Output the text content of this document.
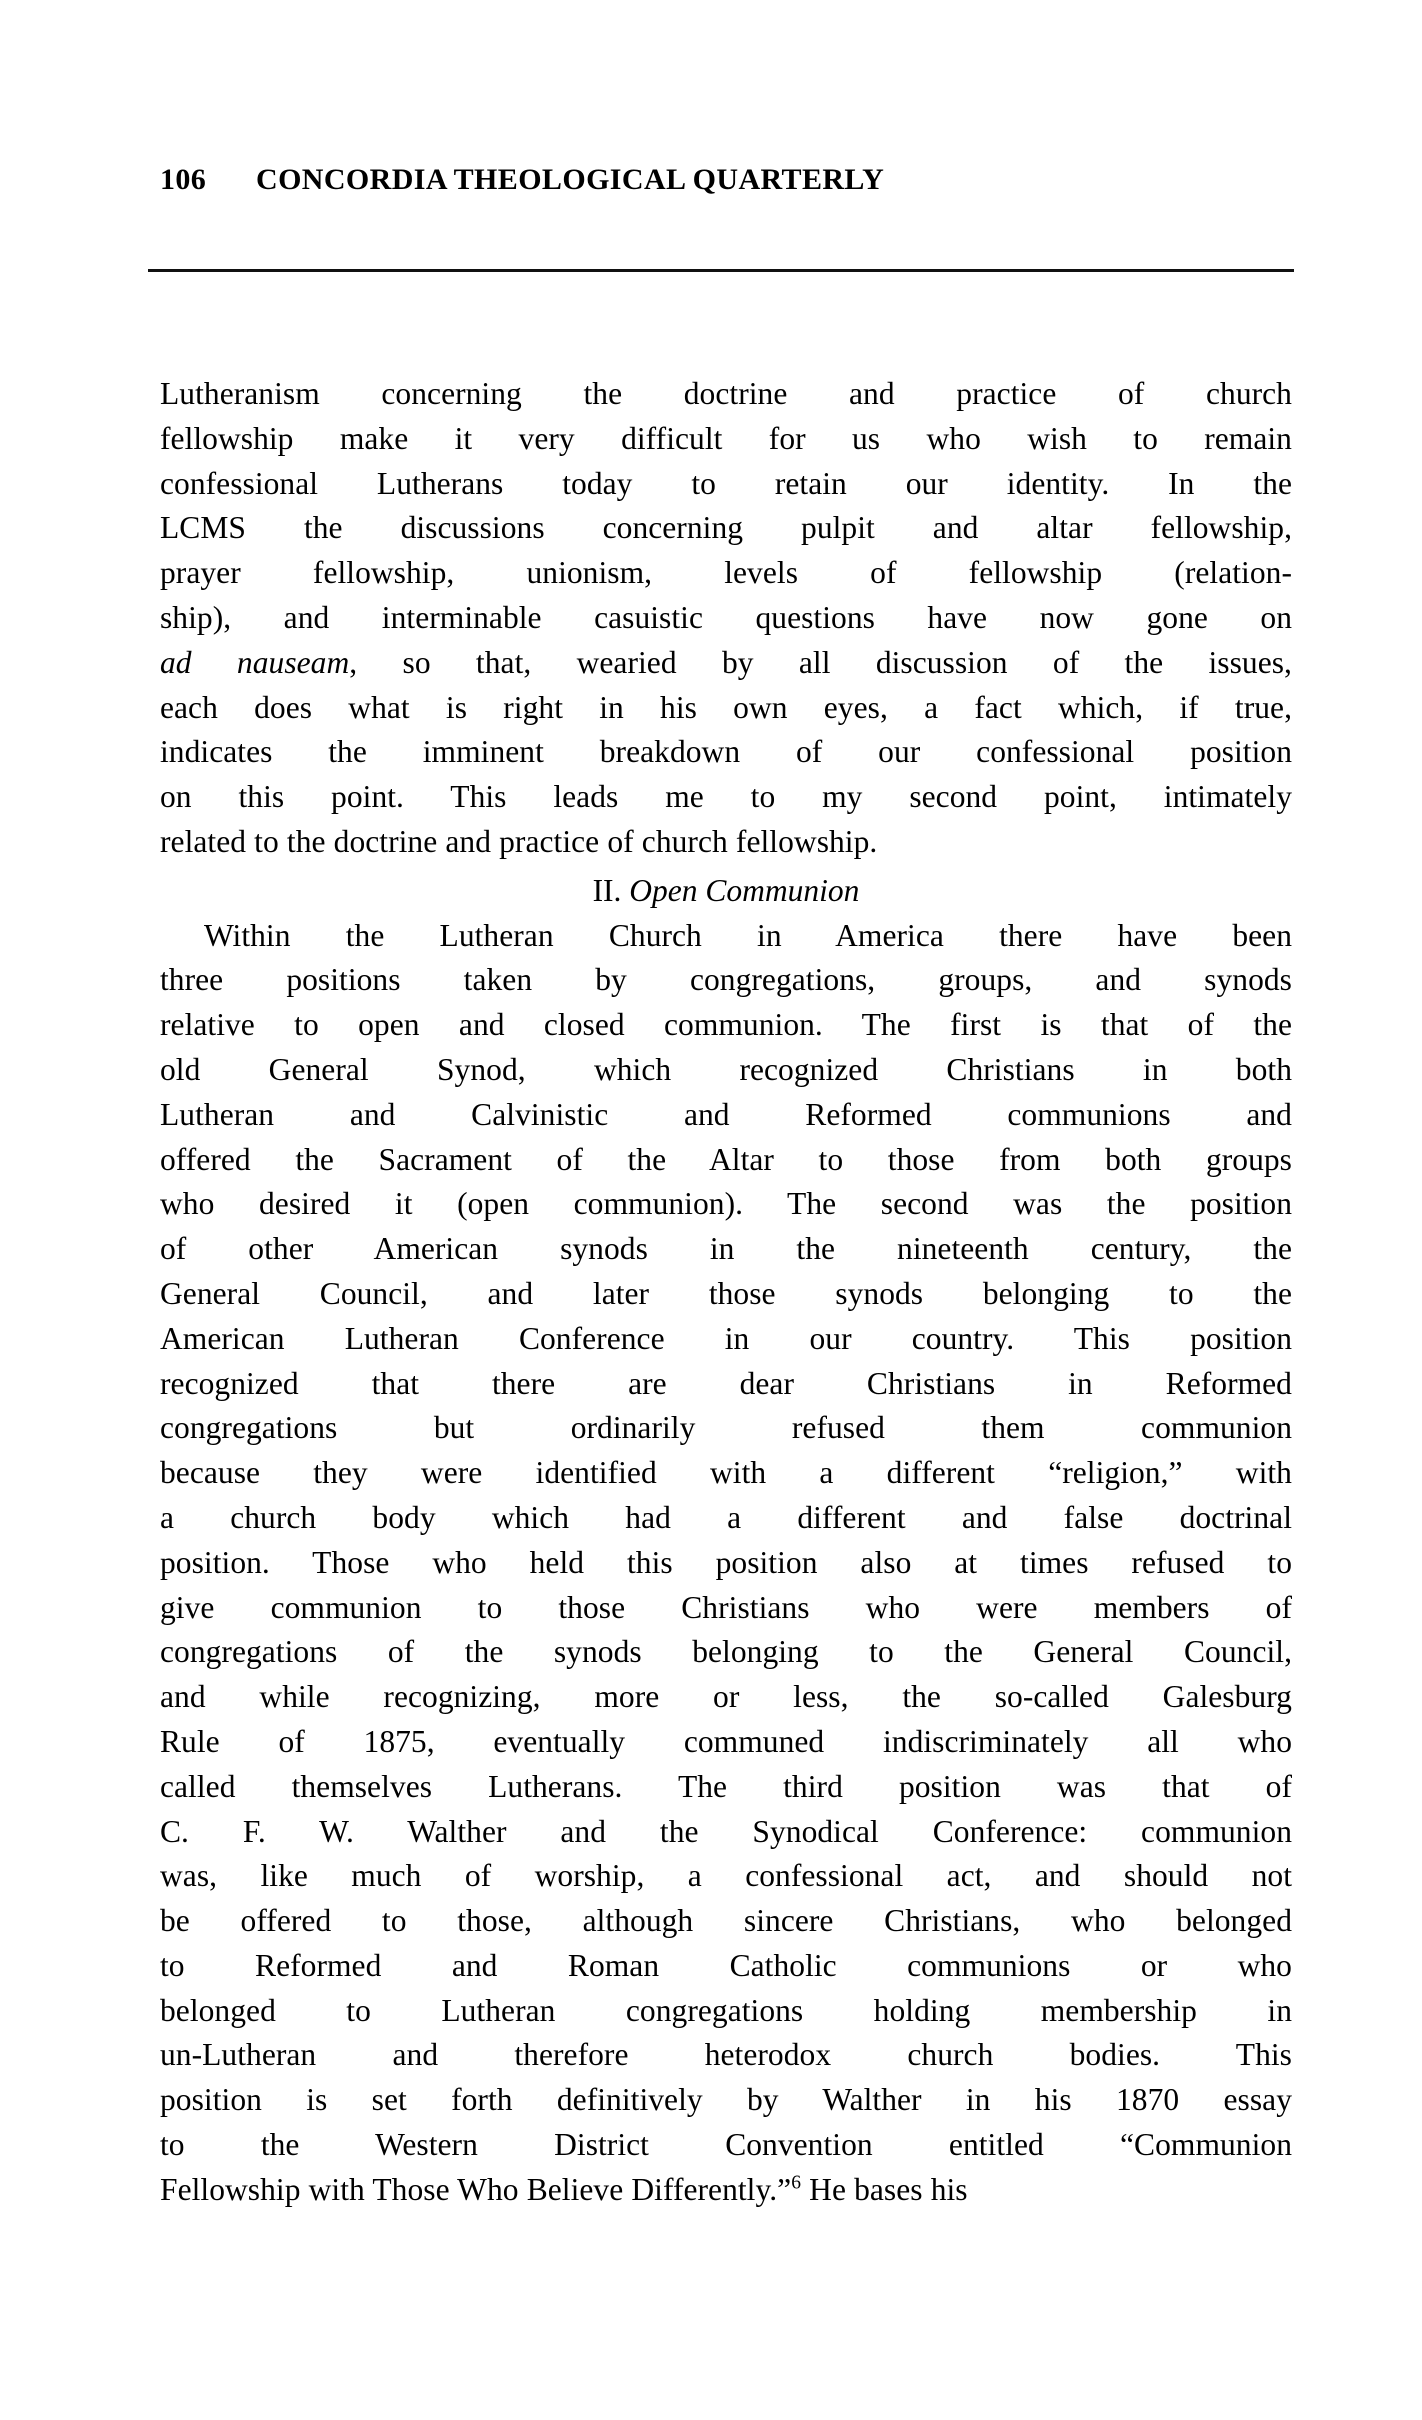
106 CONCORDIA THEOLOGICAL QUARTERLY

Lutheranism concerning the doctrine and practice of church
fellowship make it very difficult for us who wish to remain
confessional Lutherans today to retain our identity. In the
LCMS the discussions concerning pulpit and altar fellowship,
prayer fellowship, unionism, levels of fellowship (relation-
ship), and interminable casuistic questions have now gone on
ad nauseam, so that, wearied by all discussion of the issues,
each does what is right in his own eyes, a fact which, if true,
indicates the imminent breakdown of our confessional position
on this point. This leads me to my second point, intimately
related to the doctrine and practice of church fellowship.

II. Open Communion

Within the Lutheran Church in America there have been
three positions taken by congregations, groups, and synods
relative to open and closed communion. The first is that of the
old General Synod, which recognized Christians in both
Lutheran and Calvinistic and Reformed communions and
offered the Sacrament of the Altar to those from both groups
who desired it (open communion). The second was the position
of other American synods in the nineteenth century, the
General Council, and later those synods belonging to the
American Lutheran Conference in our country. This position
recognized that there are dear Christians in Reformed
congregations but ordinarily refused them communion
because they were identified with a different “religion,” with
a church body which had a different and false doctrinal
position. Those who held this position also at times refused to
give communion to those Christians who were members of
congregations of the synods belonging to the General Council,
and while recognizing, more or less, the so-called Galesburg
Rule of 1875, eventually communed indiscriminately all who
called themselves Lutherans. The third position was that of
C. F. W. Walther and the Synodical Conference: communion
was, like much of worship, a confessional act, and should not
be offered to those, although sincere Christians, who belonged
to Reformed and Roman Catholic communions or who
belonged to Lutheran congregations holding membership in
un-Lutheran and therefore heterodox church bodies. This
position is set forth definitively by Walther in his 1870 essay
to the Western District Convention entitled “Communion
Fellowship with Those Who Believe Differently.”$^6$ He bases his
